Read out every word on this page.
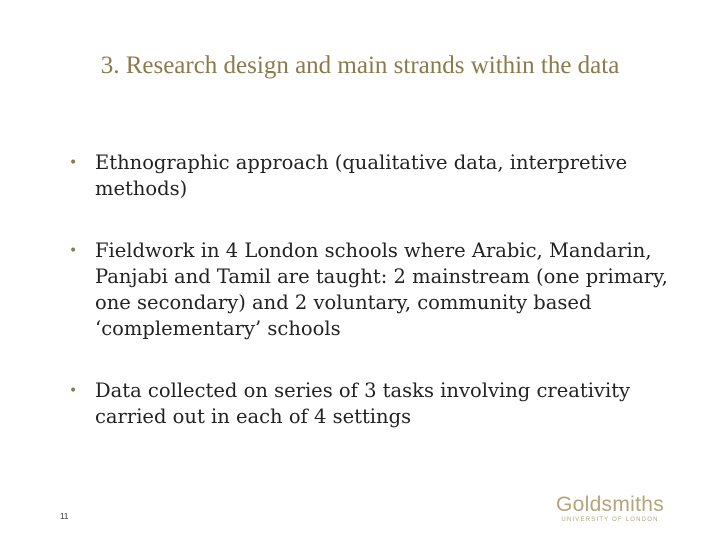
3. Research design and main strands within the data
• Ethnographic approach (qualitative data, interpretive methods)
• Fieldwork in 4 London schools where Arabic, Mandarin, Panjabi and Tamil are taught: 2 mainstream (one primary, one secondary) and 2 voluntary, community based ‘complementary’ schools
• Data collected on series of 3 tasks involving creativity carried out in each of 4 settings
11
Goldsmiths
UNIVERSITY OF LONDON
